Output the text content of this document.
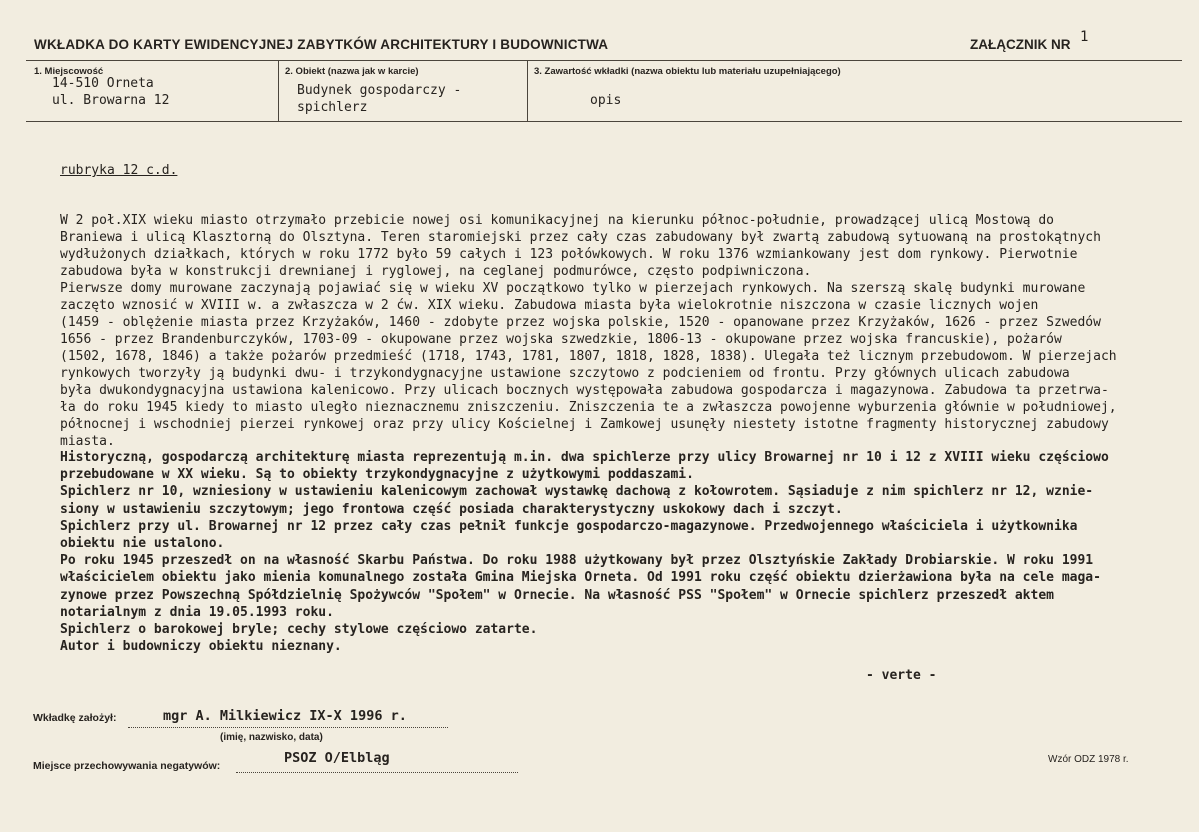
WKŁADKA DO KARTY EWIDENCYJNEJ ZABYTKÓW ARCHITEKTURY I BUDOWNICTWA	ZAŁĄCZNIK NR 1
1. Miejscowość
14-510 Orneta
ul. Browarna 12
2. Obiekt (nazwa jak w karcie)
Budynek gospodarczy -
spichlerz
3. Zawartość wkładki (nazwa obiektu lub materiału uzupełniającego)
opis
rubryka 12 c.d.
W 2 poł.XIX wieku miasto otrzymało przebicie nowej osi komunikacyjnej na kierunku północ-południe, prowadzącej ulicą Mostową do
Braniewa i ulicą Klasztorną do Olsztyna. Teren staromiejski przez cały czas zabudowany był zwartą zabudową sytuowaną na prostokątnych
wydłużonych działkach, których w roku 1772 było 59 całych i 123 połówkowych. W roku 1376 wzmiankowany jest dom rynkowy. Pierwotnie
zabudowa była w konstrukcji drewnianej i ryglowej, na ceglanej podmurówce, często podpiwniczona.
Pierwsze domy murowane zaczynają pojawiać się w wieku XV początkowo tylko w pierzejach rynkowych. Na szerszą skalę budynki murowane
zaczęto wznosić w XVIII w. a zwłaszcza w 2 ćw. XIX wieku. Zabudowa miasta była wielokrotnie niszczona w czasie licznych wojen
(1459 - oblężenie miasta przez Krzyżaków, 1460 - zdobyte przez wojska polskie, 1520 - opanowane przez Krzyżaków, 1626 - przez Szwedów
1656 - przez Brandenburczyków, 1703-09 - okupowane przez wojska szwedzkie, 1806-13 - okupowane przez wojska francuskie), pożarów
(1502, 1678, 1846) a także pożarów przedmieść (1718, 1743, 1781, 1807, 1818, 1828, 1838). Ulegała też licznym przebudowom. W pierzejach
rynkowych tworzyły ją budynki dwu- i trzykondygnacyjne ustawione szczytowo z podcieniem od frontu. Przy głównych ulicach zabudowa
była dwukondygnacyjna ustawiona kalenicowo. Przy ulicach bocznych występowała zabudowa gospodarcza i magazynowa. Zabudowa ta przetrwa-
ła do roku 1945 kiedy to miasto uległo nieznacznemu zniszczeniu. Zniszczenia te a zwłaszcza powojenne wyburzenia głównie w południowej,
północnej i wschodniej pierzei rynkowej oraz przy ulicy Kościelnej i Zamkowej usunęły niestety istotne fragmenty historycznej zabudowy
miasta.
Historyczną, gospodarczą architekturę miasta reprezentują m.in. dwa spichlerze przy ulicy Browarnej nr 10 i 12 z XVIII wieku częściowo
przebudowane w XX wieku. Są to obiekty trzykondygnacyjne z użytkowymi poddaszami.
Spichlerz nr 10, wzniesiony w ustawieniu kalenicowym zachował wystawkę dachową z kołowrotem. Sąsiaduje z nim spichlerz nr 12, wznie-
siony w ustawieniu szczytowym; jego frontowa część posiada charakterystyczny uskokowy dach i szczyt.
Spichlerz przy ul. Browarnej nr 12 przez cały czas pełnił funkcje gospodarczo-magazynowe. Przedwojennego właściciela i użytkownika
obiektu nie ustalono.
Po roku 1945 przeszedł on na własność Skarbu Państwa. Do roku 1988 użytkowany był przez Olsztyńskie Zakłady Drobiarskie. W roku 1991
właścicielem obiektu jako mienia komunalnego została Gmina Miejska Orneta. Od 1991 roku część obiektu dzierżawiona była na cele maga-
zynowe przez Powszechną Spółdzielnię Spożywców "Społem" w Ornecie. Na własność PSS "Społem" w Ornecie spichlerz przeszedł aktem
notarialnym z dnia 19.05.1993 roku.
Spichlerz o barokowej bryle; cechy stylowe częściowo zatarte.
Autor i budowniczy obiektu nieznany.
- verte -
Wkładkę założył:	mgr A. Milkiewicz IX-X 1996 r.
(imię, nazwisko, data)
Miejsce przechowywania negatywów:	PSOZ O/Elbląg	Wzór ODZ 1978 r.
